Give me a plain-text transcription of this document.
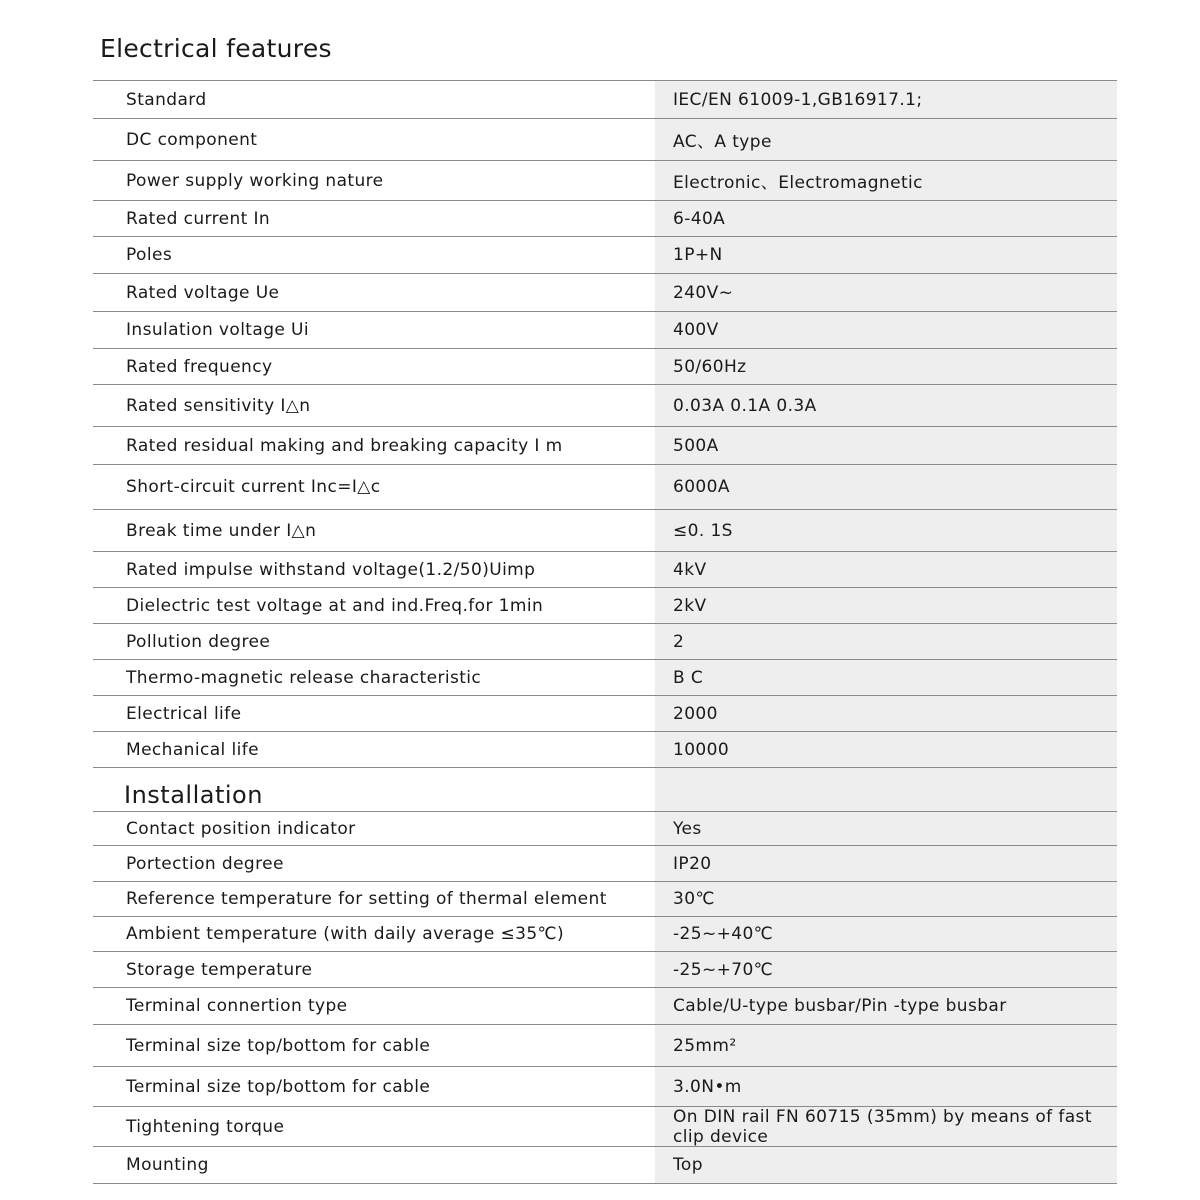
Electrical features
Standard	IEC/EN 61009-1,GB16917.1;
DC component	AC、A type
Power supply working nature	Electronic、Electromagnetic
Rated current In	6-40A
Poles	1P+N
Rated voltage Ue	240V~
Insulation voltage Ui	400V
Rated frequency	50/60Hz
Rated sensitivity I△n	0.03A 0.1A 0.3A
Rated residual making and breaking capacity I m	500A
Short-circuit current Inc=I△c	6000A
Break time under I△n	≤0. 1S
Rated impulse withstand voltage(1.2/50)Uimp	4kV
Dielectric test voltage at and ind.Freq.for 1min	2kV
Pollution degree	2
Thermo-magnetic release characteristic	B C
Electrical life	2000
Mechanical life	10000
Installation
Contact position indicator	Yes
Portection degree	IP20
Reference temperature for setting of thermal element	30℃
Ambient temperature (with daily average ≤35℃)	-25~+40℃
Storage temperature	-25~+70℃
Terminal connertion type	Cable/U-type busbar/Pin -type busbar
Terminal size top/bottom for cable	25mm²
Terminal size top/bottom for cable	3.0N•m
Tightening torque	On DIN rail FN 60715 (35mm) by means of fast clip device
Mounting	Top
